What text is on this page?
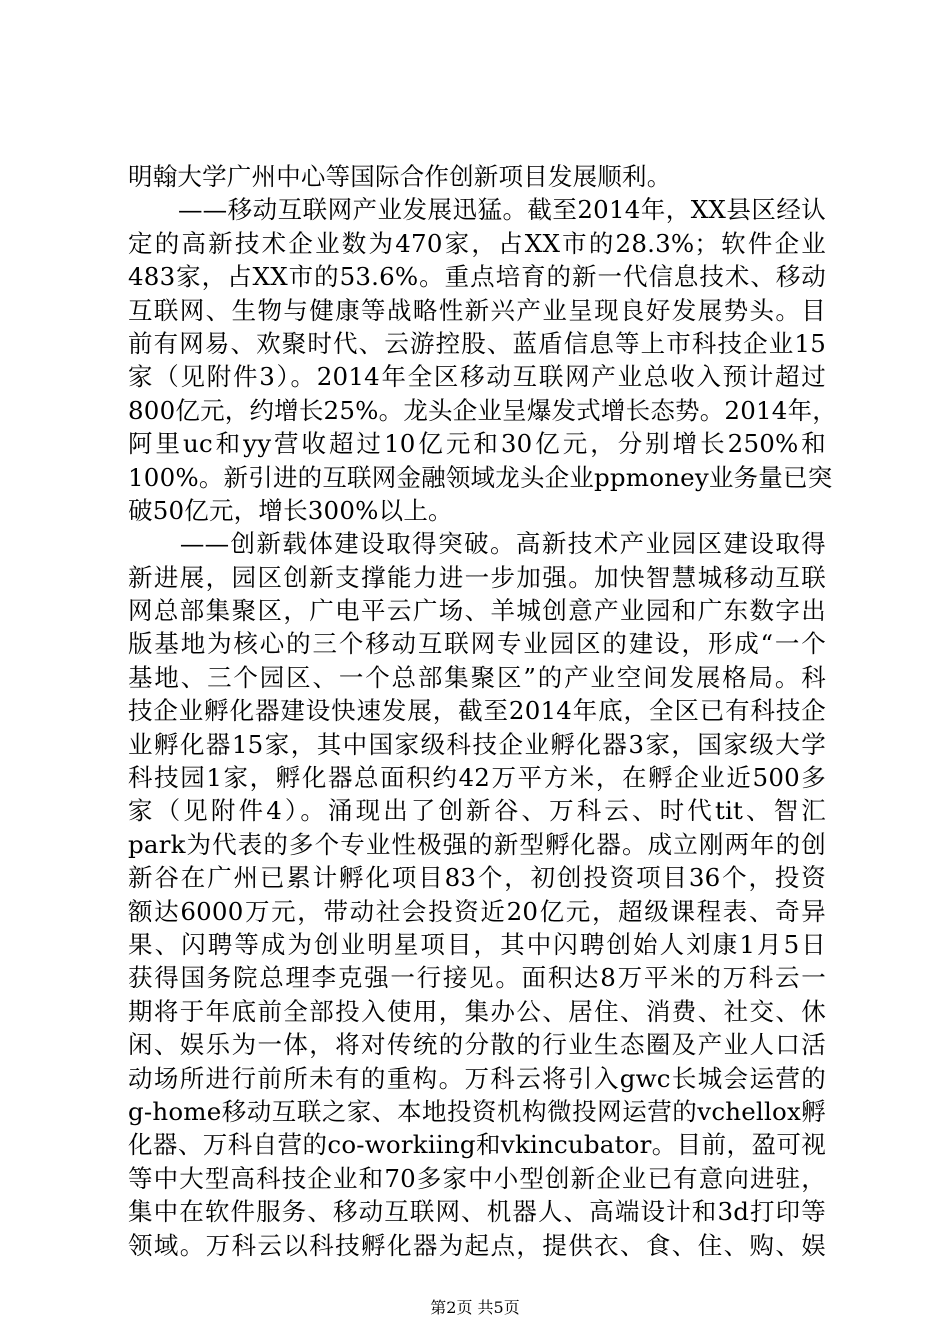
明翰大学广州中心等国际合作创新项目发展顺利。
　　——移动互联网产业发展迅猛。截至2014年，XX县区经认
定的高新技术企业数为470家，占XX市的28.3%；软件企业
483家，占XX市的53.6%。重点培育的新一代信息技术、移动
互联网、生物与健康等战略性新兴产业呈现良好发展势头。目
前有网易、欢聚时代、云游控股、蓝盾信息等上市科技企业15
家（见附件3）。2014年全区移动互联网产业总收入预计超过
800亿元，约增长25%。龙头企业呈爆发式增长态势。2014年，
阿里uc和yy营收超过10亿元和30亿元，分别增长250%和
100%。新引进的互联网金融领域龙头企业ppmoney业务量已突
破50亿元，增长300%以上。
　　——创新载体建设取得突破。高新技术产业园区建设取得
新进展，园区创新支撑能力进一步加强。加快智慧城移动互联
网总部集聚区，广电平云广场、羊城创意产业园和广东数字出
版基地为核心的三个移动互联网专业园区的建设，形成“一个
基地、三个园区、一个总部集聚区”的产业空间发展格局。科
技企业孵化器建设快速发展，截至2014年底，全区已有科技企
业孵化器15家，其中国家级科技企业孵化器3家，国家级大学
科技园1家，孵化器总面积约42万平方米，在孵企业近500多
家（见附件4）。涌现出了创新谷、万科云、时代tit、智汇
park为代表的多个专业性极强的新型孵化器。成立刚两年的创
新谷在广州已累计孵化项目83个，初创投资项目36个，投资
额达6000万元，带动社会投资近20亿元，超级课程表、奇异
果、闪聘等成为创业明星项目，其中闪聘创始人刘康1月5日
获得国务院总理李克强一行接见。面积达8万平米的万科云一
期将于年底前全部投入使用，集办公、居住、消费、社交、休
闲、娱乐为一体，将对传统的分散的行业生态圈及产业人口活
动场所进行前所未有的重构。万科云将引入gwc长城会运营的
g-home移动互联之家、本地投资机构微投网运营的vchellox孵
化器、万科自营的co-workiing和vkincubator。目前，盈可视
等中大型高科技企业和70多家中小型创新企业已有意向进驻，
集中在软件服务、移动互联网、机器人、高端设计和3d打印等
领域。万科云以科技孵化器为起点，提供衣、食、住、购、娱
第2页 共5页
